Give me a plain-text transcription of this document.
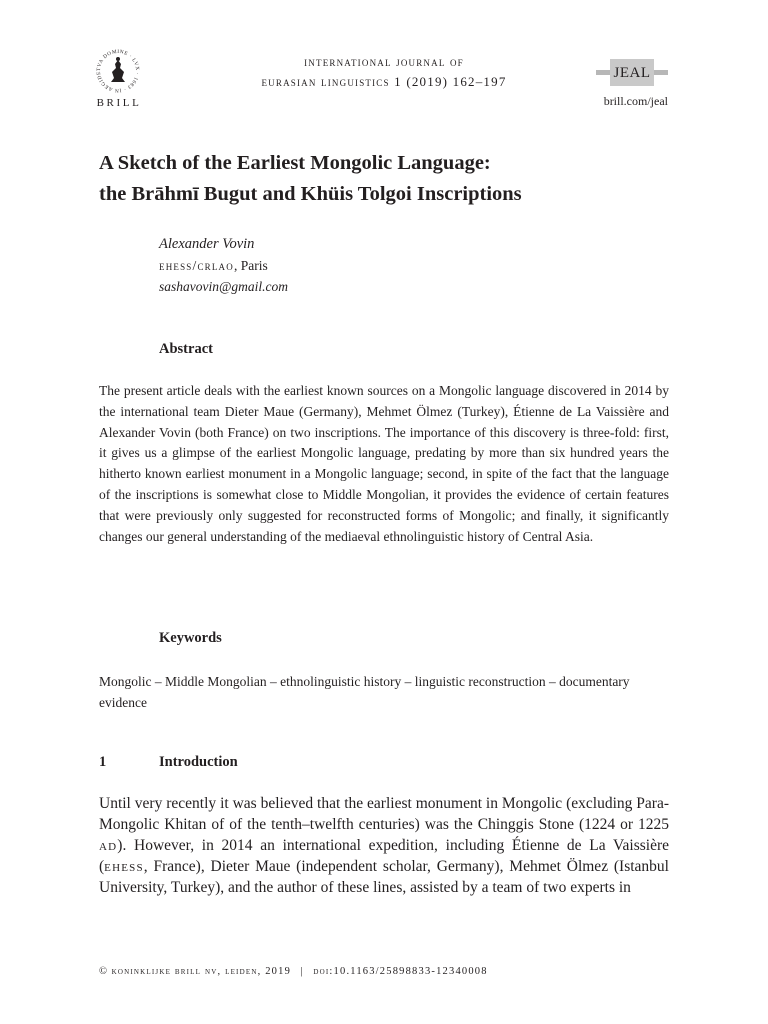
TVA DOMINE · LVX · 1683 · IN AEGIDE
BRILL
international journal of
eurasian linguistics 1 (2019) 162–197
JEAL
brill.com/jeal
A Sketch of the Earliest Mongolic Language:
the Brāhmī Bugut and Khüis Tolgoi Inscriptions
Alexander Vovin
ehess/crlao, Paris
sashavovin@gmail.com
Abstract
The present article deals with the earliest known sources on a Mongolic language discovered in 2014 by the international team Dieter Maue (Germany), Mehmet Ölmez (Turkey), Étienne de La Vaissière and Alexander Vovin (both France) on two inscriptions. The importance of this discovery is three-fold: first, it gives us a glimpse of the earliest Mongolic language, predating by more than six hundred years the hitherto known earliest monument in a Mongolic language; second, in spite of the fact that the language of the inscriptions is somewhat close to Middle Mongolian, it provides the evidence of certain features that were previously only suggested for reconstructed forms of Mongolic; and finally, it significantly changes our general understanding of the mediaeval ethnolinguistic history of Central Asia.
Keywords
Mongolic – Middle Mongolian – ethnolinguistic history – linguistic reconstruction – documentary evidence
1	Introduction
Until very recently it was believed that the earliest monument in Mongolic (excluding Para-Mongolic Khitan of of the tenth–twelfth centuries) was the Chinggis Stone (1224 or 1225 ad). However, in 2014 an international expedition, including Étienne de La Vaissière (ehess, France), Dieter Maue (independent scholar, Germany), Mehmet Ölmez (Istanbul University, Turkey), and the author of these lines, assisted by a team of two experts in
© koninklijke brill nv, leiden, 2019 | doi:10.1163/25898833-12340008
